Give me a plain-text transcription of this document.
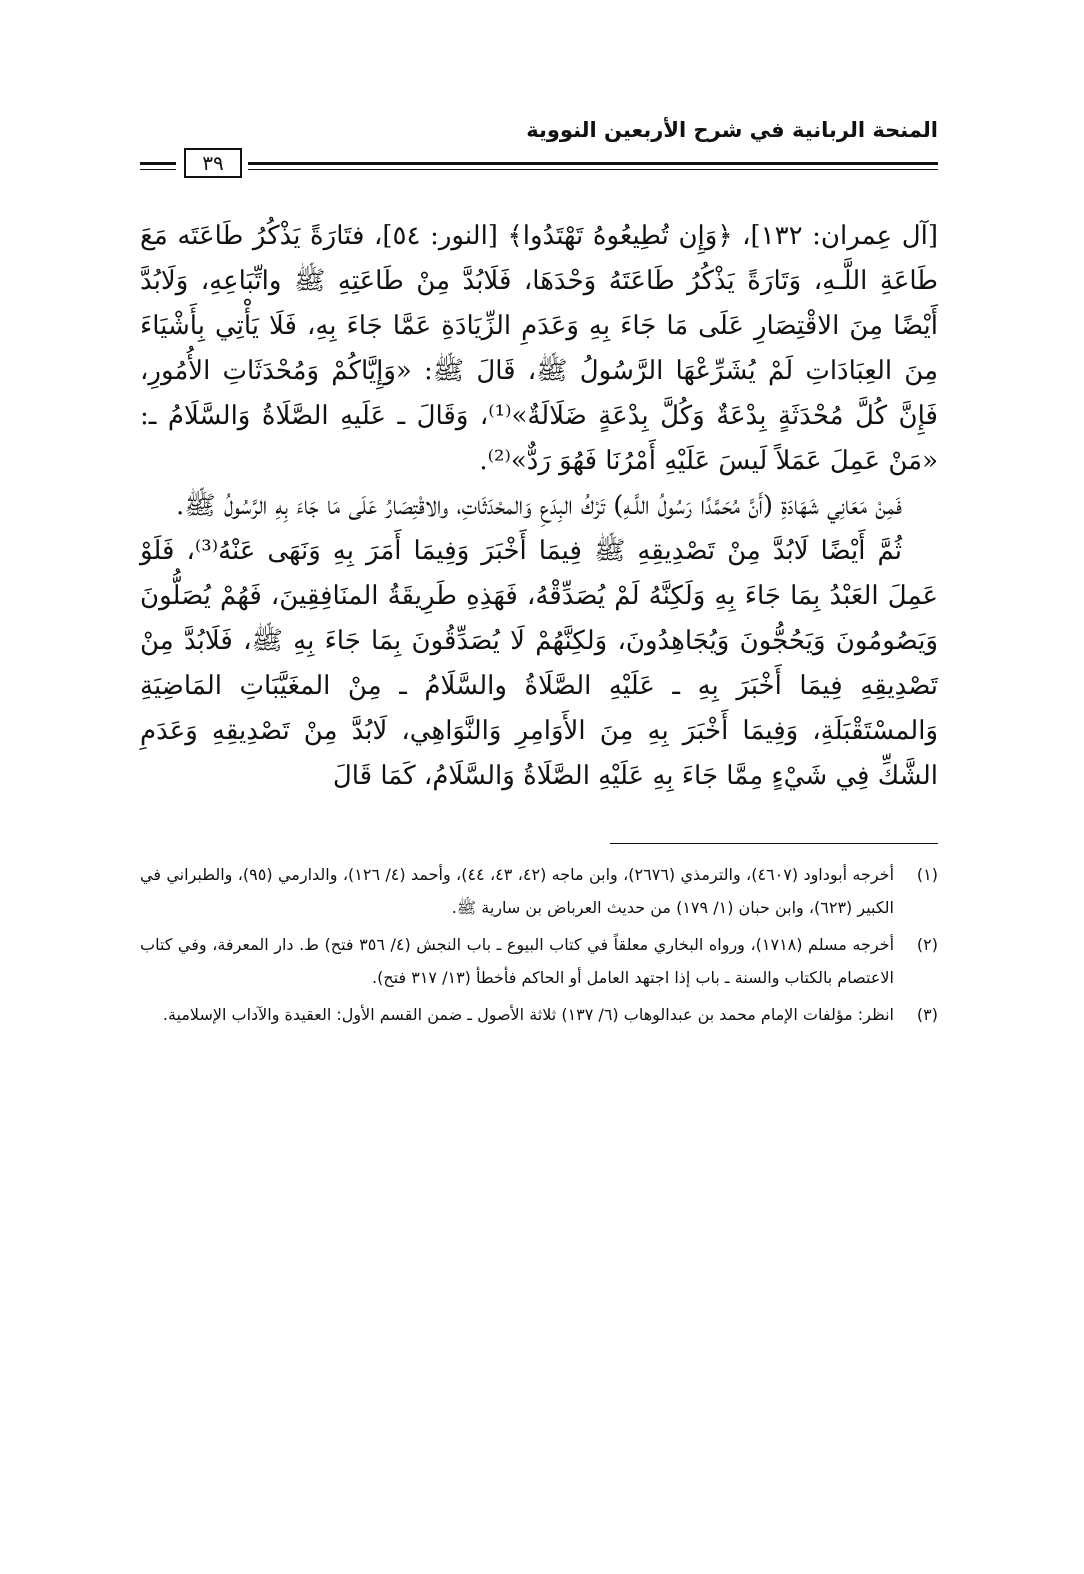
المنحة الربانية في شرح الأربعين النووية
٣٩

[آل عِمران: ١٣٢]، ﴿وَإِن تُطِيعُوهُ تَهْتَدُوا﴾ [النور: ٥٤]، فتَارَةً يَذْكُرُ طَاعَتَه مَعَ طَاعَةِ اللَّـهِ، وَتَارَةً يَذْكُرُ طَاعَتَهُ وَحْدَهَا، فَلَابُدَّ مِنْ طَاعَتِهِ ﷺ واتِّبَاعِهِ، وَلَابُدَّ أَيْضًا مِنَ الاقْتِصَارِ عَلَى مَا جَاءَ بِهِ وَعَدَمِ الزِّيَادَةِ عَمَّا جَاءَ بِهِ، فَلَا يَأْتِي بِأَشْيَاءَ مِنَ العِبَادَاتِ لَمْ يُشَرِّعْهَا الرَّسُولُ ﷺ، قَالَ ﷺ: «وَإِيَّاكُمْ وَمُحْدَثَاتِ الأُمُورِ، فَإِنَّ كُلَّ مُحْدَثَةٍ بِدْعَةٌ وَكُلَّ بِدْعَةٍ ضَلَالَةٌ»⁽¹⁾، وَقَالَ ـ عَلَيهِ الصَّلَاةُ وَالسَّلَامُ ـ: «مَنْ عَمِلَ عَمَلاً لَيسَ عَلَيْهِ أَمْرُنَا فَهُوَ رَدٌّ»⁽²⁾.

فَمِنْ مَعَانِي شَهَادَةِ (أَنَّ مُحَمَّدًا رَسُولُ اللَّـهِ) تَرْكُ البِدَعِ وَالمحْدَثَاتِ، والاقْتِصَارُ عَلَى مَا جَاءَ بِهِ الرَّسُولُ ﷺ.

ثُمَّ أَيْضًا لَابُدَّ مِنْ تَصْدِيقِهِ ﷺ فِيمَا أَخْبَرَ وَفِيمَا أَمَرَ بِهِ وَنَهَى عَنْهُ⁽³⁾، فَلَوْ عَمِلَ العَبْدُ بِمَا جَاءَ بِهِ وَلَكِنَّهُ لَمْ يُصَدِّقْهُ، فَهَذِهِ طَرِيقَةُ المنَافِقِينَ، فَهُمْ يُصَلُّونَ وَيَصُومُونَ وَيَحُجُّونَ وَيُجَاهِدُونَ، وَلكِنَّهُمْ لَا يُصَدِّقُونَ بِمَا جَاءَ بِهِ ﷺ، فَلَابُدَّ مِنْ تَصْدِيقِهِ فِيمَا أَخْبَرَ بِهِ ـ عَلَيْهِ الصَّلَاةُ والسَّلَامُ ـ مِنْ المغَيَّبَاتِ المَاضِيَةِ وَالمسْتَقْبَلَةِ، وَفِيمَا أَخْبَرَ بِهِ مِنَ الأَوَامِرِ وَالنَّوَاهِي، لَابُدَّ مِنْ تَصْدِيقِهِ وَعَدَمِ الشَّكِّ فِي شَيْءٍ مِمَّا جَاءَ بِهِ عَلَيْهِ الصَّلَاةُ وَالسَّلَامُ، كَمَا قَالَ

(١)
أخرجه أبوداود (٤٦٠٧)، والترمذي (٢٦٧٦)، وابن ماجه (٤٢، ٤٣، ٤٤)، وأحمد (٤/ ١٢٦)، والدارمي (٩٥)، والطبراني في الكبير (٦٢٣)، وابن حبان (١/ ١٧٩) من حديث العرباض بن سارية ﷺ.
(٢)
أخرجه مسلم (١٧١٨)، ورواه البخاري معلقاً في كتاب البيوع ـ باب النجش (٤/ ٣٥٦ فتح) ط. دار المعرفة، وفي كتاب الاعتصام بالكتاب والسنة ـ باب إذا اجتهد العامل أو الحاكم فأخطأ (١٣/ ٣١٧ فتح).
(٣)
انظر: مؤلفات الإمام محمد بن عبدالوهاب (٦/ ١٣٧) ثلاثة الأصول ـ ضمن القسم الأول: العقيدة والآداب الإسلامية.
